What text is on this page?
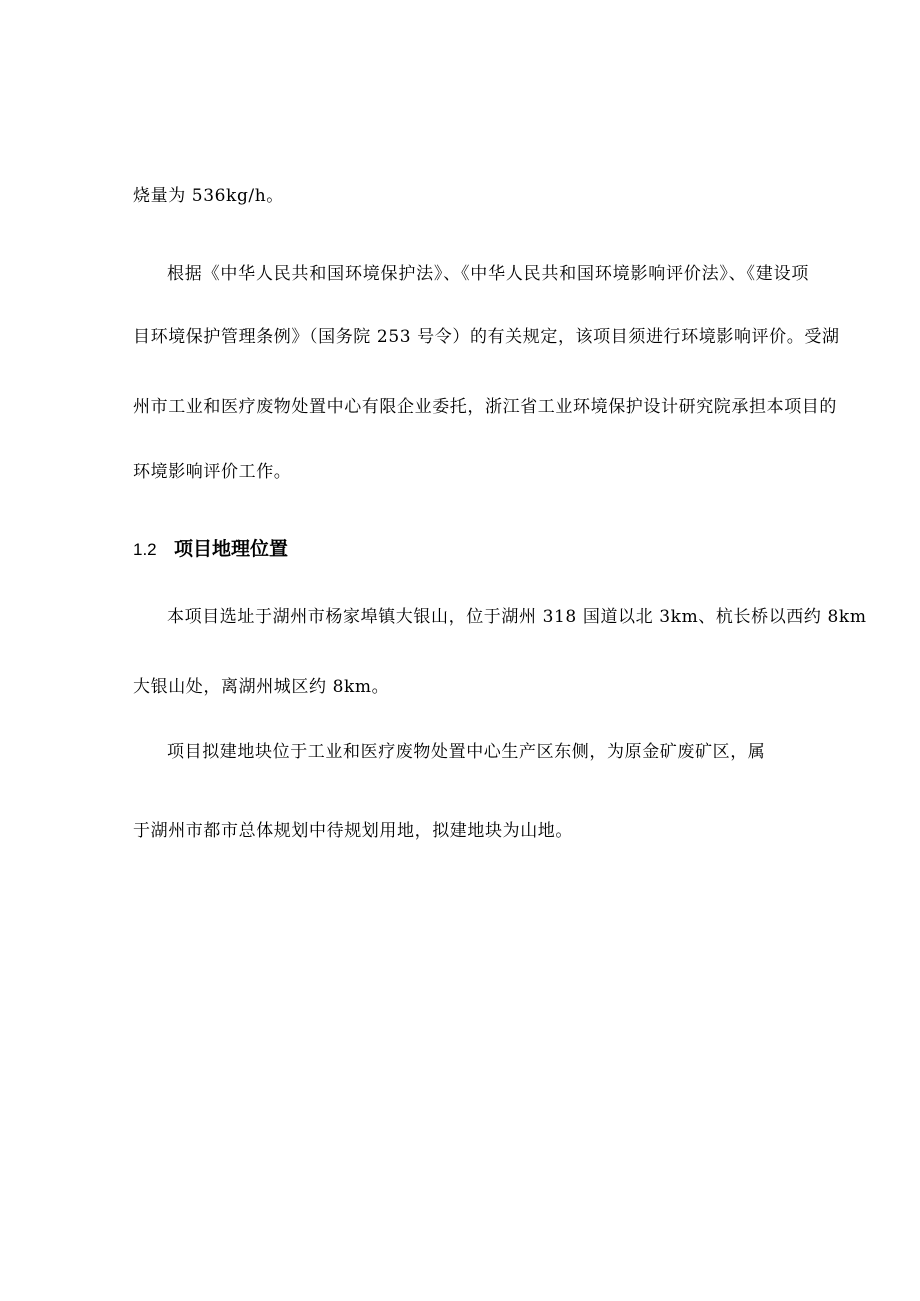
烧量为 536kg/h。
根据《中华人民共和国环境保护法》、《中华人民共和国环境影响评价法》、《建设项
目环境保护管理条例》（国务院 253 号令）的有关规定，该项目须进行环境影响评价。受湖
州市工业和医疗废物处置中心有限企业委托，浙江省工业环境保护设计研究院承担本项目的
环境影响评价工作。
1.2 项目地理位置
本项目选址于湖州市杨家埠镇大银山，位于湖州 318 国道以北 3km、杭长桥以西约 8km
大银山处，离湖州城区约 8km。
项目拟建地块位于工业和医疗废物处置中心生产区东侧，为原金矿废矿区，属
于湖州市都市总体规划中待规划用地，拟建地块为山地。
